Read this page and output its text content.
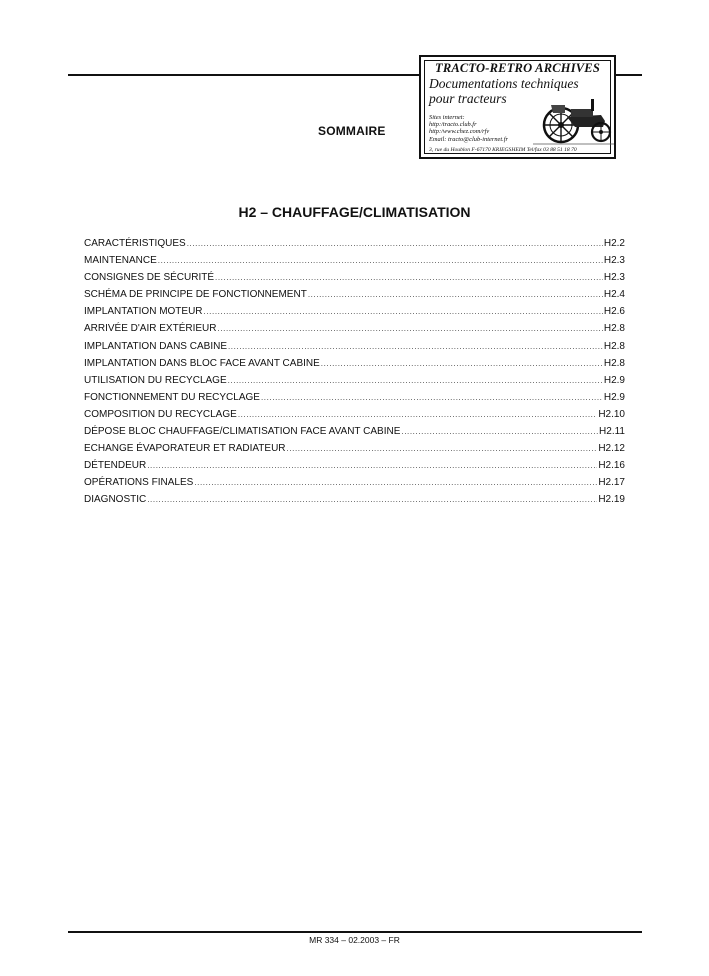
TRACTO-RETRO ARCHIVES
Documentations techniques
pour tracteurs
Sites internet:
http:/tracto.club.fr
http:/www.chez.com/rfv
Email: tracto@club-internet.fr
3, rue du Houblon F-67170 KRIEGSHEIM Tel/fax 03 88 51 18 70
SOMMAIRE
H2 – CHAUFFAGE/CLIMATISATION
CARACTÉRISTIQUES .....	H2.2
MAINTENANCE .....	H2.3
CONSIGNES DE SÉCURITÉ .....	H2.3
SCHÉMA DE PRINCIPE DE FONCTIONNEMENT .....	H2.4
IMPLANTATION MOTEUR .....	H2.6
ARRIVÉE D'AIR EXTÉRIEUR .....	H2.8
IMPLANTATION DANS CABINE .....	H2.8
IMPLANTATION DANS BLOC FACE AVANT CABINE .....	H2.8
UTILISATION DU RECYCLAGE .....	H2.9
FONCTIONNEMENT DU RECYCLAGE .....	H2.9
COMPOSITION DU RECYCLAGE .....	H2.10
DÉPOSE BLOC CHAUFFAGE/CLIMATISATION FACE AVANT CABINE .....	H2.11
ECHANGE ÉVAPORATEUR ET RADIATEUR .....	H2.12
DÉTENDEUR .....	H2.16
OPÉRATIONS FINALES .....	H2.17
DIAGNOSTIC .....	H2.19
MR 334 – 02.2003 – FR
